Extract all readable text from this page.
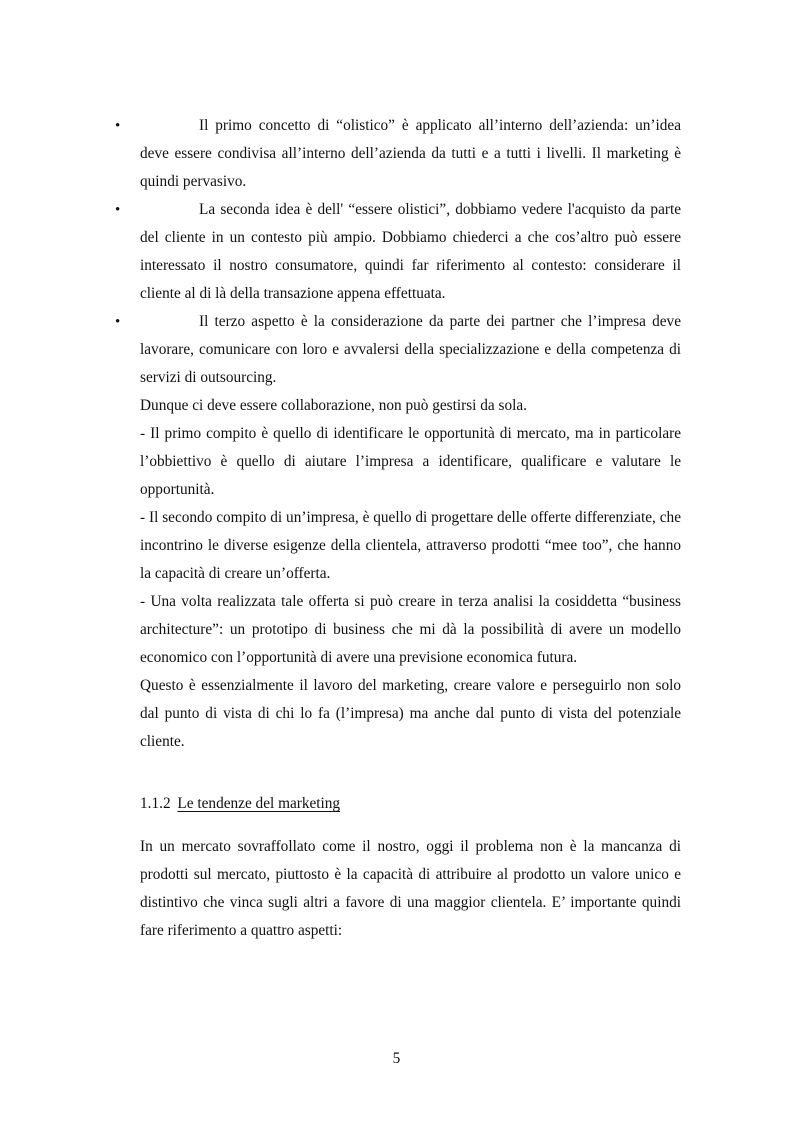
•	Il primo concetto di “olistico” è applicato all’interno dell’azienda: un’idea deve essere condivisa all’interno dell’azienda da tutti e a tutti i livelli. Il marketing è quindi pervasivo.

•	La seconda idea è dell' “essere olistici”, dobbiamo vedere l'acquisto da parte del cliente in un contesto più ampio. Dobbiamo chiederci a che cos’altro può essere interessato il nostro consumatore, quindi far riferimento al contesto: considerare il cliente al di là della transazione appena effettuata.

•	Il terzo aspetto è la considerazione da parte dei partner che l’impresa deve lavorare, comunicare con loro e avvalersi della specializzazione e della competenza di servizi di outsourcing.

Dunque ci deve essere collaborazione, non può gestirsi da sola.

- Il primo compito è quello di identificare le opportunità di mercato, ma in particolare l’obbiettivo è quello di aiutare l’impresa a identificare, qualificare e valutare le opportunità.

- Il secondo compito di un’impresa, è quello di progettare delle offerte differenziate, che incontrino le diverse esigenze della clientela, attraverso prodotti “mee too”, che hanno la capacità di creare un’offerta.

- Una volta realizzata tale offerta si può creare in terza analisi la cosiddetta “business architecture”: un prototipo di business che mi dà la possibilità di avere un modello economico con l’opportunità di avere una previsione economica futura.

Questo è essenzialmente il lavoro del marketing, creare valore e perseguirlo non solo dal punto di vista di chi lo fa (l’impresa) ma anche dal punto di vista del potenziale cliente.

1.1.2 Le tendenze del marketing

In un mercato sovraffollato come il nostro, oggi il problema non è la mancanza di prodotti sul mercato, piuttosto è la capacità di attribuire al prodotto un valore unico e distintivo che vinca sugli altri a favore di una maggior clientela. E’ importante quindi fare riferimento a quattro aspetti:

5
